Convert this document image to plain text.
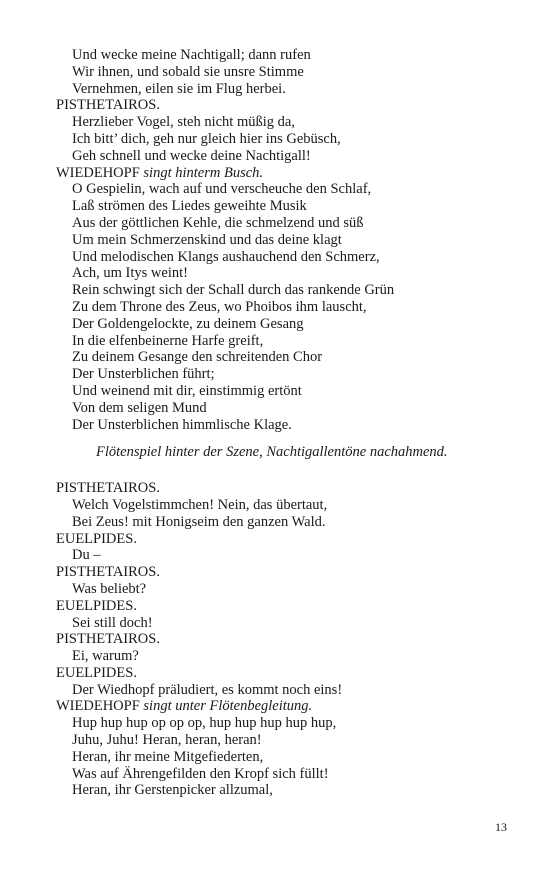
Und wecke meine Nachtigall; dann rufen
Wir ihnen, und sobald sie unsre Stimme
Vernehmen, eilen sie im Flug herbei.
PISTHETAIROS.
Herzlieber Vogel, steh nicht müßig da,
Ich bitt’ dich, geh nur gleich hier ins Gebüsch,
Geh schnell und wecke deine Nachtigall!
WIEDEHOPF singt hinterm Busch.
O Gespielin, wach auf und verscheuche den Schlaf,
Laß strömen des Liedes geweihte Musik
Aus der göttlichen Kehle, die schmelzend und süß
Um mein Schmerzenskind und das deine klagt
Und melodischen Klangs aushauchend den Schmerz,
Ach, um Itys weint!
Rein schwingt sich der Schall durch das rankende Grün
Zu dem Throne des Zeus, wo Phoibos ihm lauscht,
Der Goldengelockte, zu deinem Gesang
In die elfenbeinerne Harfe greift,
Zu deinem Gesange den schreitenden Chor
Der Unsterblichen führt;
Und weinend mit dir, einstimmig ertönt
Von dem seligen Mund
Der Unsterblichen himmlische Klage.
Flötenspiel hinter der Szene, Nachtigallentöne nachahmend.
PISTHETAIROS.
Welch Vogelstimmchen! Nein, das übertaut,
Bei Zeus! mit Honigseim den ganzen Wald.
EUELPIDES.
Du –
PISTHETAIROS.
Was beliebt?
EUELPIDES.
Sei still doch!
PISTHETAIROS.
Ei, warum?
EUELPIDES.
Der Wiedhopf präludiert, es kommt noch eins!
WIEDEHOPF singt unter Flötenbegleitung.
Hup hup hup op op op, hup hup hup hup hup,
Juhu, Juhu! Heran, heran, heran!
Heran, ihr meine Mitgefiederten,
Was auf Ährengefilden den Kropf sich füllt!
Heran, ihr Gerstenpicker allzumal,
13
